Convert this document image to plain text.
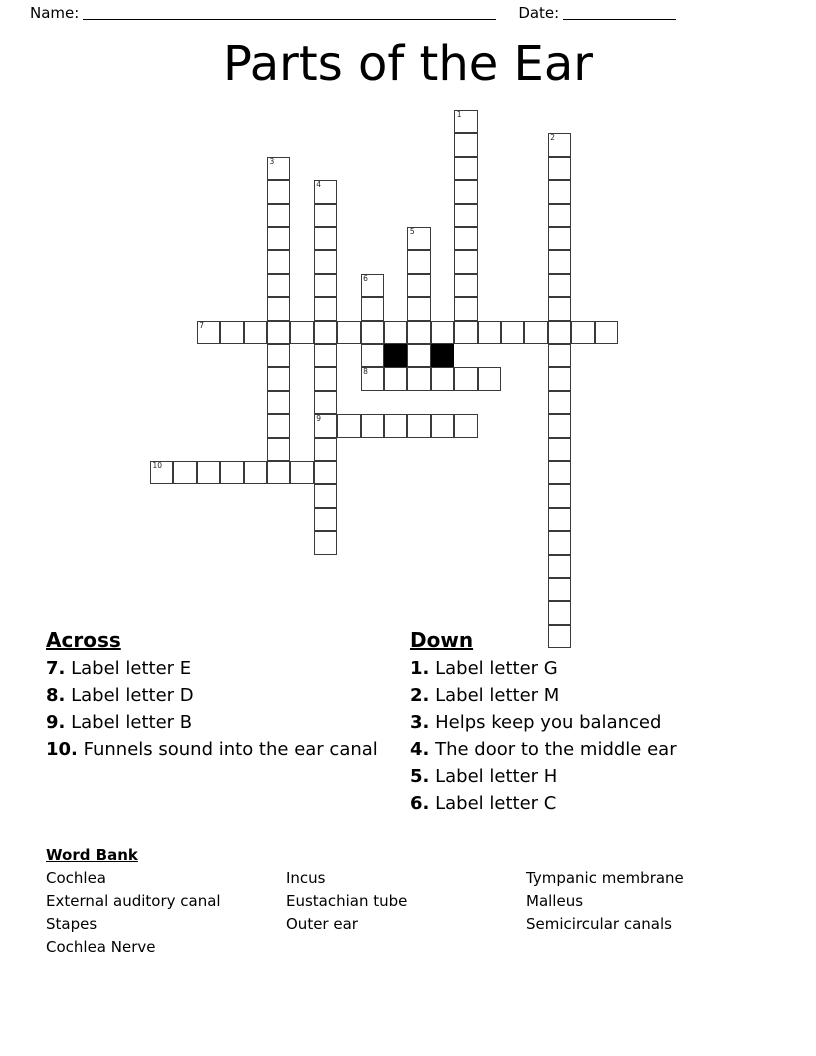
Name:	Date:
Parts of the Ear
1
2
8
9
10
3
4
5
6
7
Across
7. Label letter E
8. Label letter D
9. Label letter B
10. Funnels sound into the ear canal
Down
1. Label letter G
2. Label letter M
3. Helps keep you balanced
4. The door to the middle ear
5. Label letter H
6. Label letter C
Word Bank
Cochlea	Incus	Tympanic membrane
External auditory canal	Eustachian tube	Malleus
Stapes	Outer ear	Semicircular canals
Cochlea Nerve
